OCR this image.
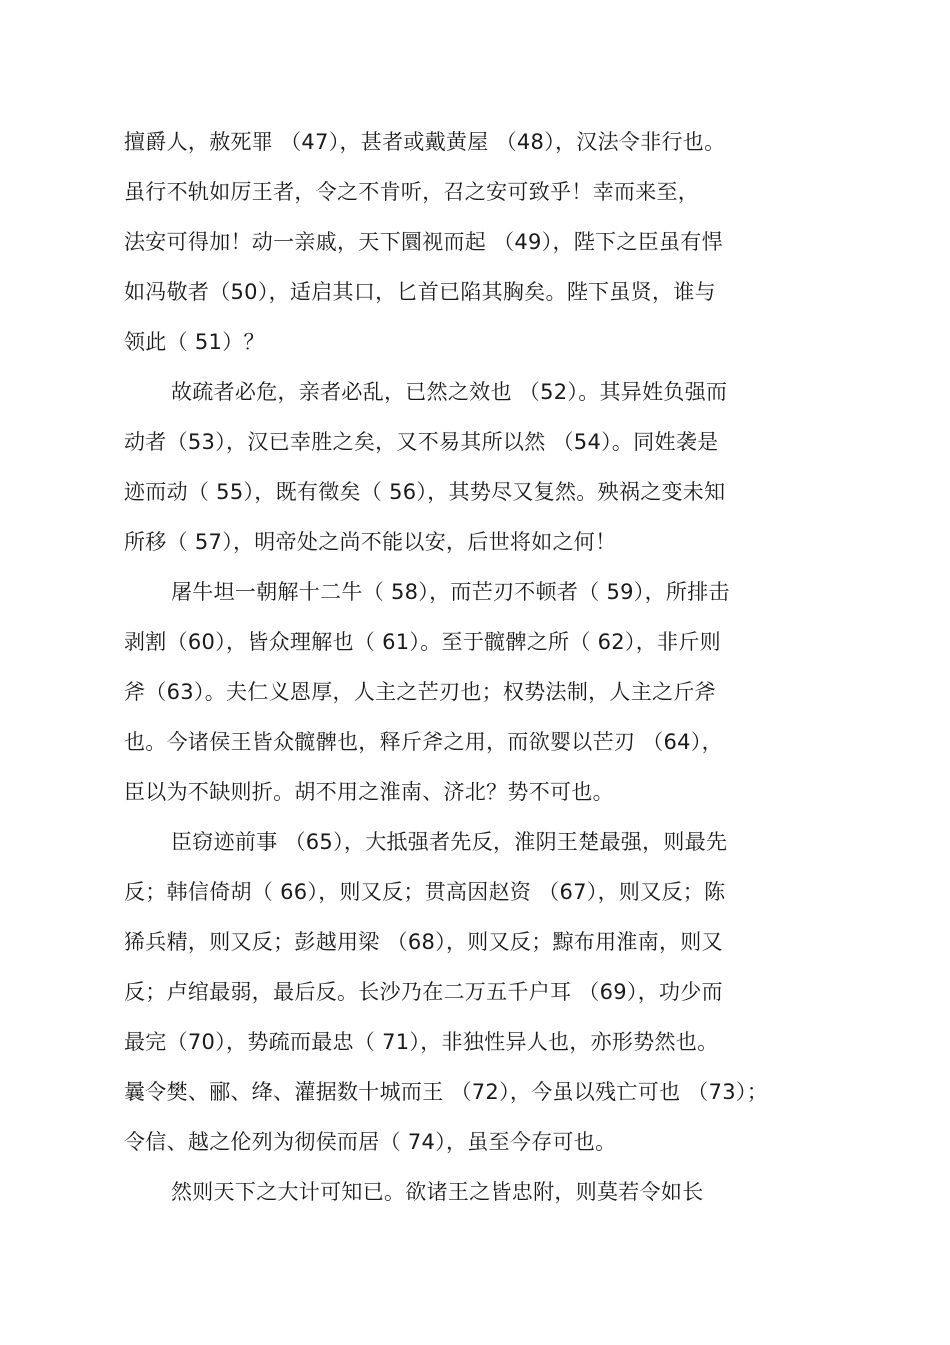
擅爵人，赦死罪 （47），甚者或戴黄屋 （48），汉法令非行也。
虽行不轨如厉王者，令之不肯听，召之安可致乎！幸而来至，
法安可得加！动一亲戚，天下圜视而起 （49），陛下之臣虽有悍
如冯敬者（50），适启其口，匕首已陷其胸矣。陛下虽贤，谁与
领此（ 51）？
故疏者必危，亲者必乱，已然之效也 （52）。其异姓负强而
动者（53），汉已幸胜之矣，又不易其所以然 （54）。同姓袭是
迹而动（ 55），既有徵矣（ 56），其势尽又复然。殃祸之变未知
所移（ 57），明帝处之尚不能以安，后世将如之何！
屠牛坦一朝解十二牛（ 58），而芒刃不顿者（ 59），所排击
剥割（60），皆众理解也（ 61）。至于髋髀之所（ 62），非斤则
斧（63）。夫仁义恩厚，人主之芒刃也；权势法制，人主之斤斧
也。今诸侯王皆众髋髀也，释斤斧之用，而欲婴以芒刃 （64），
臣以为不缺则折。胡不用之淮南、济北？势不可也。
臣窃迹前事 （65），大抵强者先反，淮阴王楚最强，则最先
反；韩信倚胡（ 66），则又反；贯高因赵资 （67），则又反；陈
狶兵精，则又反；彭越用梁 （68），则又反；黥布用淮南，则又
反；卢绾最弱，最后反。长沙乃在二万五千户耳 （69），功少而
最完（70），势疏而最忠（ 71），非独性异人也，亦形势然也。
曩令樊、郦、绛、灌据数十城而王 （72），今虽以残亡可也 （73）；
令信、越之伦列为彻侯而居（ 74），虽至今存可也。
然则天下之大计可知已。欲诸王之皆忠附，则莫若令如长
